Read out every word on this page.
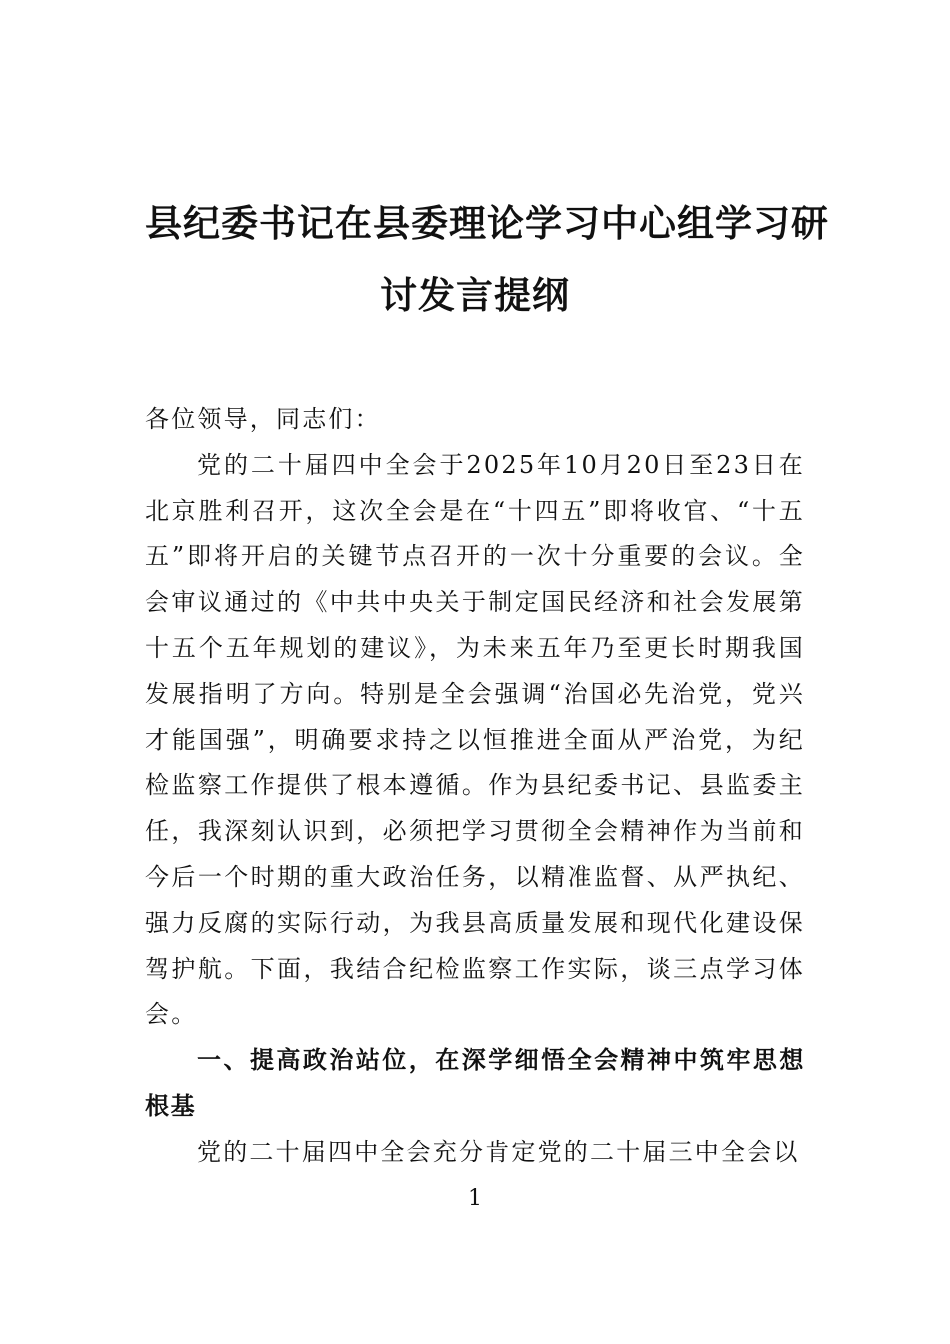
县纪委书记在县委理论学习中心组学习研
讨发言提纲

各位领导，同志们：

党的二十届四中全会于2025年10月20日至23日在北京胜利召开，这次全会是在“十四五”即将收官、“十五五”即将开启的关键节点召开的一次十分重要的会议。全会审议通过的《中共中央关于制定国民经济和社会发展第十五个五年规划的建议》，为未来五年乃至更长时期我国发展指明了方向。特别是全会强调“治国必先治党，党兴才能国强”，明确要求持之以恒推进全面从严治党，为纪检监察工作提供了根本遵循。作为县纪委书记、县监委主任，我深刻认识到，必须把学习贯彻全会精神作为当前和今后一个时期的重大政治任务，以精准监督、从严执纪、强力反腐的实际行动，为我县高质量发展和现代化建设保驾护航。下面，我结合纪检监察工作实际，谈三点学习体会。

一、提高政治站位，在深学细悟全会精神中筑牢思想根基

党的二十届四中全会充分肯定党的二十届三中全会以

1
